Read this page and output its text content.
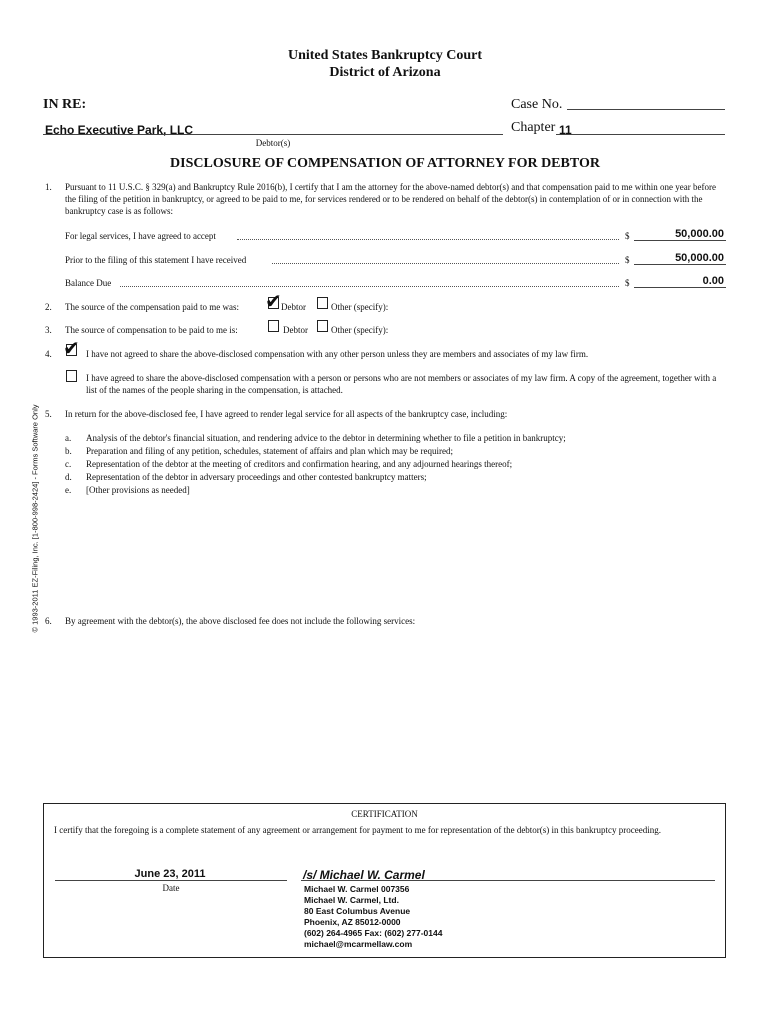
United States Bankruptcy Court
District of Arizona
IN RE:	Case No.
Echo Executive Park, LLC	Chapter 11
Debtor(s)
DISCLOSURE OF COMPENSATION OF ATTORNEY FOR DEBTOR
1. Pursuant to 11 U.S.C. § 329(a) and Bankruptcy Rule 2016(b), I certify that I am the attorney for the above-named debtor(s) and that compensation paid to me within one year before the filing of the petition in bankruptcy, or agreed to be paid to me, for services rendered or to be rendered on behalf of the debtor(s) in contemplation of or in connection with the bankruptcy case is as follows:
For legal services, I have agreed to accept	$	50,000.00
Prior to the filing of this statement I have received	$	50,000.00
Balance Due	$	0.00
2. The source of the compensation paid to me was: ✔ Debtor	Other (specify):
3. The source of compensation to be paid to me is:	Debtor	Other (specify):
4. ✔ I have not agreed to share the above-disclosed compensation with any other person unless they are members and associates of my law firm.
I have agreed to share the above-disclosed compensation with a person or persons who are not members or associates of my law firm. A copy of the agreement, together with a list of the names of the people sharing in the compensation, is attached.
5. In return for the above-disclosed fee, I have agreed to render legal service for all aspects of the bankruptcy case, including:
a. Analysis of the debtor's financial situation, and rendering advice to the debtor in determining whether to file a petition in bankruptcy;
b. Preparation and filing of any petition, schedules, statement of affairs and plan which may be required;
c. Representation of the debtor at the meeting of creditors and confirmation hearing, and any adjourned hearings thereof;
d. Representation of the debtor in adversary proceedings and other contested bankruptcy matters;
e. [Other provisions as needed]
6. By agreement with the debtor(s), the above disclosed fee does not include the following services:
© 1993-2011 EZ-Filing, Inc. [1-800-998-2424] - Forms Software Only
CERTIFICATION
I certify that the foregoing is a complete statement of any agreement or arrangement for payment to me for representation of the debtor(s) in this bankruptcy proceeding.
June 23, 2011
Date
/s/ Michael W. Carmel
Michael W. Carmel 007356
Michael W. Carmel, Ltd.
80 East Columbus Avenue
Phoenix, AZ 85012-0000
(602) 264-4965 Fax: (602) 277-0144
michael@mcarmellaw.com
